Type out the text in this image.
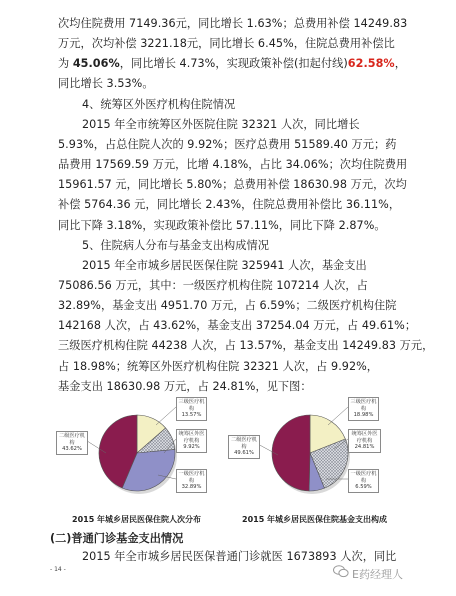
次均住院费用 7149.36元，同比增长 1.63%；总费用补偿 14249.83
万元，次均补偿 3221.18元，同比增长 6.45%，住院总费用补偿比
为 45.06%，同比增长 4.73%，实现政策补偿(扣起付线)62.58%，
同比增长 3.53%。
4、统筹区外医疗机构住院情况
2015 年全市统筹区外医院住院 32321 人次，同比增长
5.93%，占总住院人次的 9.92%；医疗总费用 51589.40 万元；药
品费用 17569.59 万元，比增 4.18%，占比 34.06%；次均住院费用
15961.57 元，同比增长 5.80%；总费用补偿 18630.98 万元，次均
补偿 5764.36 元，同比增长 2.43%，住院总费用补偿比 36.11%，
同比下降 3.18%，实现政策补偿比 57.11%，同比下降 2.87%。
5、住院病人分布与基金支出构成情况
2015 年全市城乡居民医保住院 325941 人次，基金支出
75086.56 万元，其中：一级医疗机构住院 107214 人次，占
32.89%，基金支出 4951.70 万元，占 6.59%；二级医疗机构住院
142168 人次，占 43.62%，基金支出 37254.04 万元，占 49.61%；
三级医疗机构住院 44238 人次，占 13.57%，基金支出 14249.83 万元，
占 18.98%；统筹区外医疗机构住院 32321 人次，占 9.92%，
基金支出 18630.98 万元，占 24.81%，见下图：
三级医疗机构
13.57%
统筹区外医疗机构
9.92%
一级医疗机构
32.89%
二级医疗机构
43.62%
三级医疗机构
18.98%
统筹区外医疗机构
24.81%
一级医疗机构
6.59%
二级医疗机构
49.61%
2015 年城乡居民医保住院人次分布	2015 年城乡居民医保住院基金支出构成
(二)普通门诊基金支出情况
2015 年全市城乡居民医保普通门诊就医 1673893 人次，同比
- 14 -	E药经理人
